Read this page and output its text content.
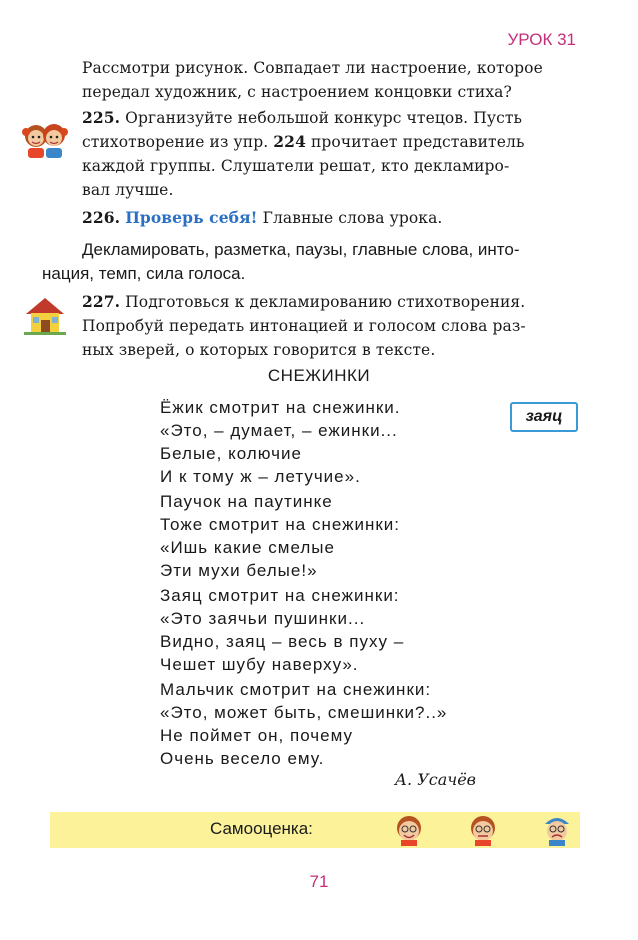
УРОК 31
Рассмотри рисунок. Совпадает ли настроение, которое
передал художник, с настроением концовки стиха?
225. Организуйте небольшой конкурс чтецов. Пусть
стихотворение из упр. 224 прочитает представитель
каждой группы. Слушатели решат, кто декламиро-
вал лучше.
226. Проверь себя! Главные слова урока.
Декламировать, разметка, паузы, главные слова, инто-
нация, темп, сила голоса.
227. Подготовься к декламированию стихотворения.
Попробуй передать интонацией и голосом слова раз-
ных зверей, о которых говорится в тексте.
СНЕЖИНКИ
Ёжик смотрит на снежинки.
«Это, – думает, – ежинки...
Белые, колючие
И к тому ж – летучие».
Паучок на паутинке
Тоже смотрит на снежинки:
«Ишь какие смелые
Эти мухи белые!»
Заяц смотрит на снежинки:
«Это заячьи пушинки...
Видно, заяц – весь в пуху –
Чешет шубу наверху».
Мальчик смотрит на снежинки:
«Это, может быть, смешинки?..»
Не поймет он, почему
Очень весело ему.
А. Усачёв
заяц
Самооценка:
71
